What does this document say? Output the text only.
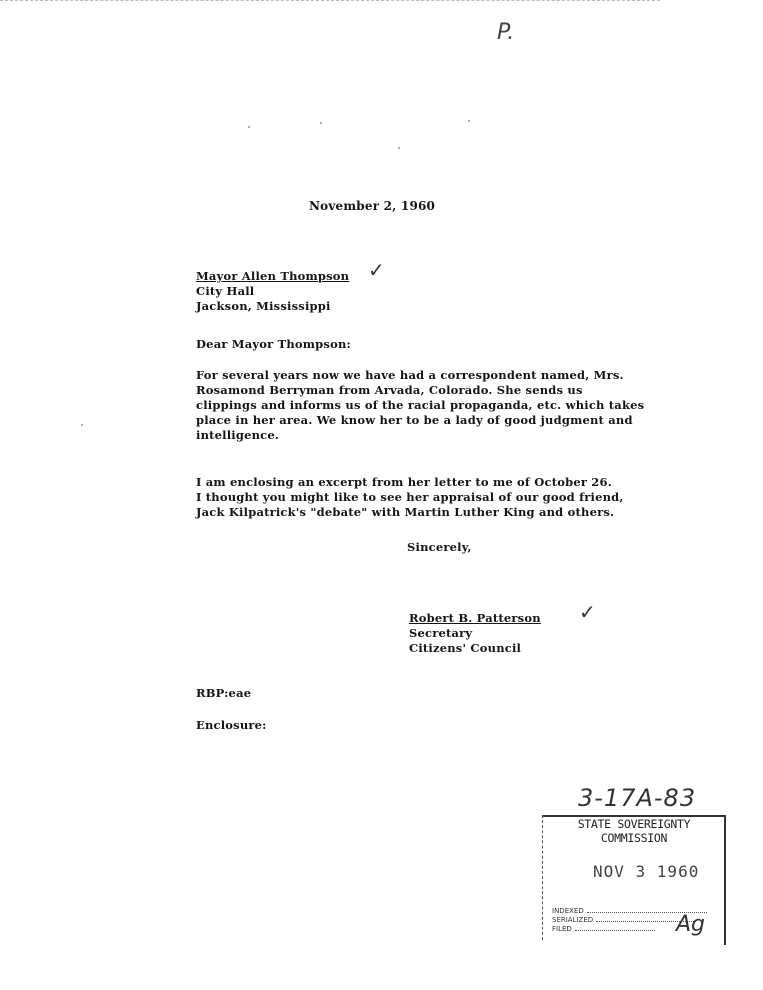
P.

November 2, 1960

Mayor Allen Thompson
City Hall
Jackson, Mississippi
✓

Dear Mayor Thompson:

For several years now we have had a correspondent named, Mrs.
Rosamond Berryman from Arvada, Colorado. She sends us
clippings and informs us of the racial propaganda, etc. which takes
place in her area. We know her to be a lady of good judgment and
intelligence.
I am enclosing an excerpt from her letter to me of October 26.
I thought you might like to see her appraisal of our good friend,
Jack Kilpatrick's "debate" with Martin Luther King and others.

Sincerely,

Robert B. Patterson
Secretary
Citizens' Council
✓

RBP:eae

Enclosure:

3-17A-83
STATE SOVEREIGNTY COMMISSION
NOV 3 1960
INDEXED
SERIALIZED
FILED	Ag
